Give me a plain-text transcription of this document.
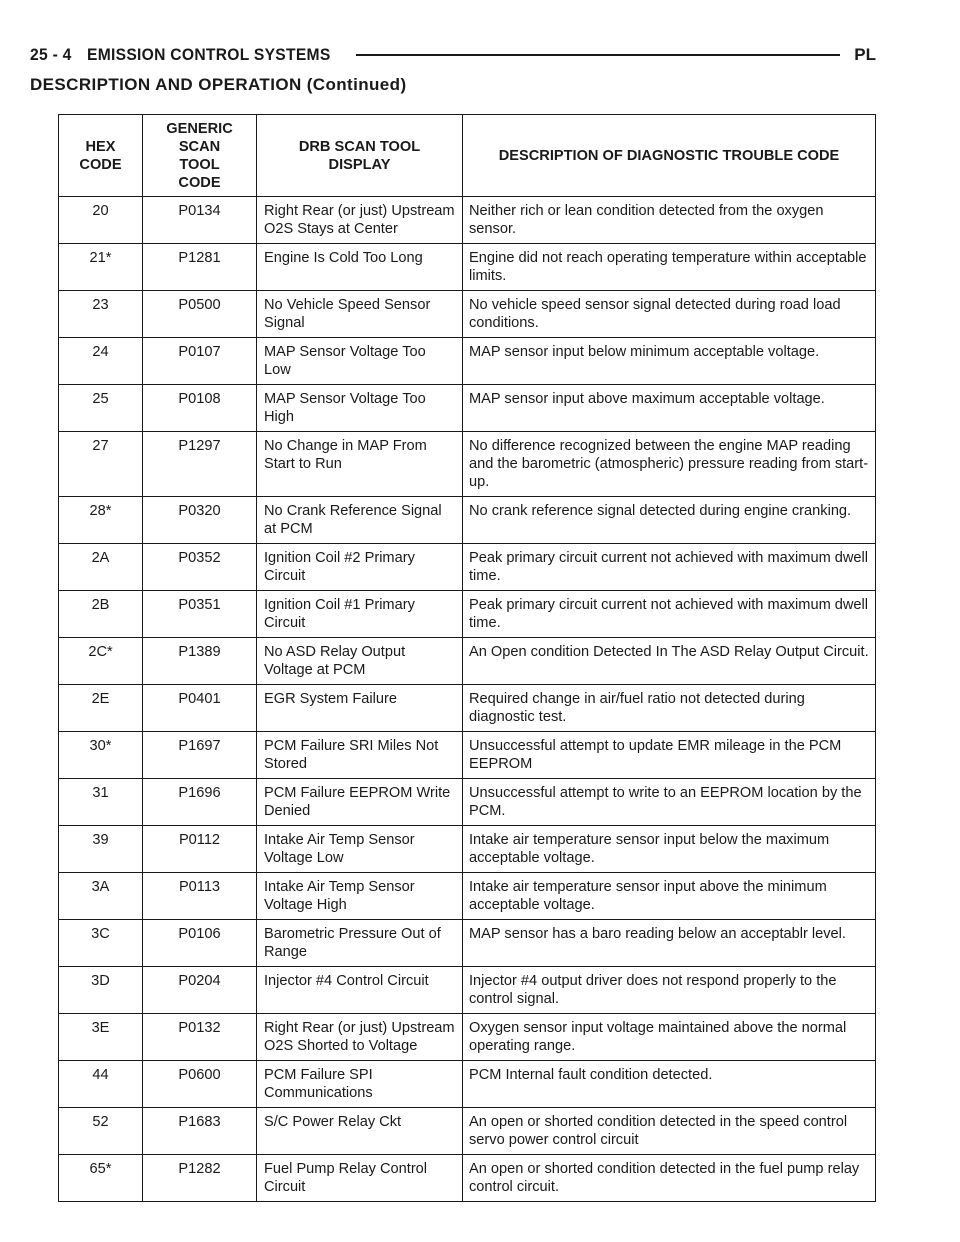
25 - 4 EMISSION CONTROL SYSTEMS	PL
DESCRIPTION AND OPERATION (Continued)
HEX CODE	GENERIC SCAN TOOL CODE	DRB SCAN TOOL DISPLAY	DESCRIPTION OF DIAGNOSTIC TROUBLE CODE
20	P0134	Right Rear (or just) Upstream O2S Stays at Center	Neither rich or lean condition detected from the oxygen sensor.
21*	P1281	Engine Is Cold Too Long	Engine did not reach operating temperature within acceptable limits.
23	P0500	No Vehicle Speed Sensor Signal	No vehicle speed sensor signal detected during road load conditions.
24	P0107	MAP Sensor Voltage Too Low	MAP sensor input below minimum acceptable voltage.
25	P0108	MAP Sensor Voltage Too High	MAP sensor input above maximum acceptable voltage.
27	P1297	No Change in MAP From Start to Run	No difference recognized between the engine MAP reading and the barometric (atmospheric) pressure reading from start-up.
28*	P0320	No Crank Reference Signal at PCM	No crank reference signal detected during engine cranking.
2A	P0352	Ignition Coil #2 Primary Circuit	Peak primary circuit current not achieved with maximum dwell time.
2B	P0351	Ignition Coil #1 Primary Circuit	Peak primary circuit current not achieved with maximum dwell time.
2C*	P1389	No ASD Relay Output Voltage at PCM	An Open condition Detected In The ASD Relay Output Circuit.
2E	P0401	EGR System Failure	Required change in air/fuel ratio not detected during diagnostic test.
30*	P1697	PCM Failure SRI Miles Not Stored	Unsuccessful attempt to update EMR mileage in the PCM EEPROM
31	P1696	PCM Failure EEPROM Write Denied	Unsuccessful attempt to write to an EEPROM location by the PCM.
39	P0112	Intake Air Temp Sensor Voltage Low	Intake air temperature sensor input below the maximum acceptable voltage.
3A	P0113	Intake Air Temp Sensor Voltage High	Intake air temperature sensor input above the minimum acceptable voltage.
3C	P0106	Barometric Pressure Out of Range	MAP sensor has a baro reading below an acceptablr level.
3D	P0204	Injector #4 Control Circuit	Injector #4 output driver does not respond properly to the control signal.
3E	P0132	Right Rear (or just) Upstream O2S Shorted to Voltage	Oxygen sensor input voltage maintained above the normal operating range.
44	P0600	PCM Failure SPI Communications	PCM Internal fault condition detected.
52	P1683	S/C Power Relay Ckt	An open or shorted condition detected in the speed control servo power control circuit
65*	P1282	Fuel Pump Relay Control Circuit	An open or shorted condition detected in the fuel pump relay control circuit.
